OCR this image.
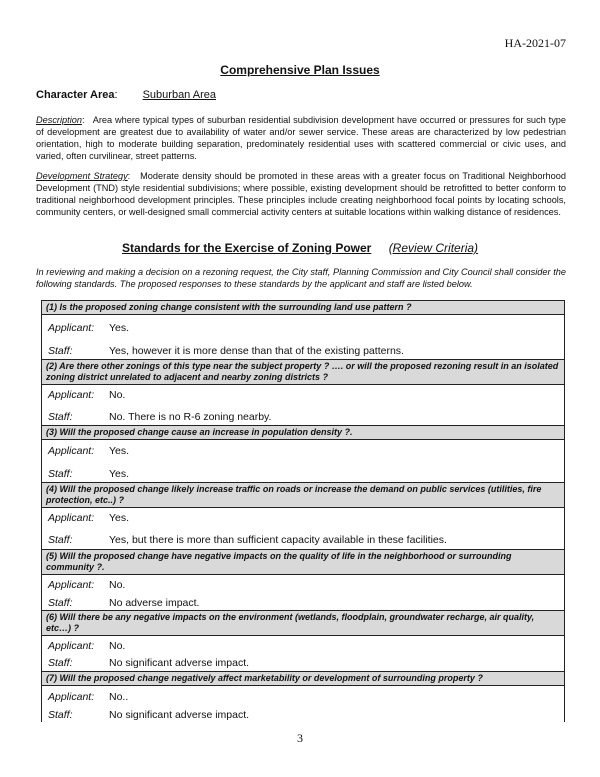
HA-2021-07
Comprehensive Plan Issues
Character Area: Suburban Area
Description:   Area where typical types of suburban residential subdivision development have occurred or pressures for such type of development are greatest due to availability of water and/or sewer service. These areas are characterized by low pedestrian orientation, high to moderate building separation, predominately residential uses with scattered commercial or civic uses, and varied, often curvilinear, street patterns.
Development Strategy:   Moderate density should be promoted in these areas with a greater focus on Traditional Neighborhood Development (TND) style residential subdivisions; where possible, existing development should be retrofitted to better conform to traditional neighborhood development principles. These principles include creating neighborhood focal points by locating schools, community centers, or well-designed small commercial activity centers at suitable locations within walking distance of residences.
Standards for the Exercise of Zoning Power (Review Criteria)
In reviewing and making a decision on a rezoning request, the City staff, Planning Commission and City Council shall consider the following standards. The proposed responses to these standards by the applicant and staff are listed below.
(1) Is the proposed zoning change consistent with the surrounding land use pattern ?
Applicant:	Yes.
Staff:	Yes, however it is more dense than that of the existing patterns.
(2) Are there other zonings of this type near the subject property ? …. or will the proposed rezoning result in an isolated zoning district unrelated to adjacent and nearby zoning districts ?
Applicant:	No.
Staff:	No. There is no R-6 zoning nearby.
(3) Will the proposed change cause an increase in population density ?.
Applicant:	Yes.
Staff:	Yes.
(4) Will the proposed change likely increase traffic on roads or increase the demand on public services (utilities, fire protection, etc..) ?
Applicant:	Yes.
Staff:	Yes, but there is more than sufficient capacity available in these facilities.
(5) Will the proposed change have negative impacts on the quality of life in the neighborhood or surrounding community ?.
Applicant:	No.
Staff:	No adverse impact.
(6) Will there be any negative impacts on the environment (wetlands, floodplain, groundwater recharge, air quality, etc…) ?
Applicant:	No.
Staff:	No significant adverse impact.
(7) Will the proposed change negatively affect marketability or development of surrounding property ?
Applicant:	No..
Staff:	No significant adverse impact.
3
